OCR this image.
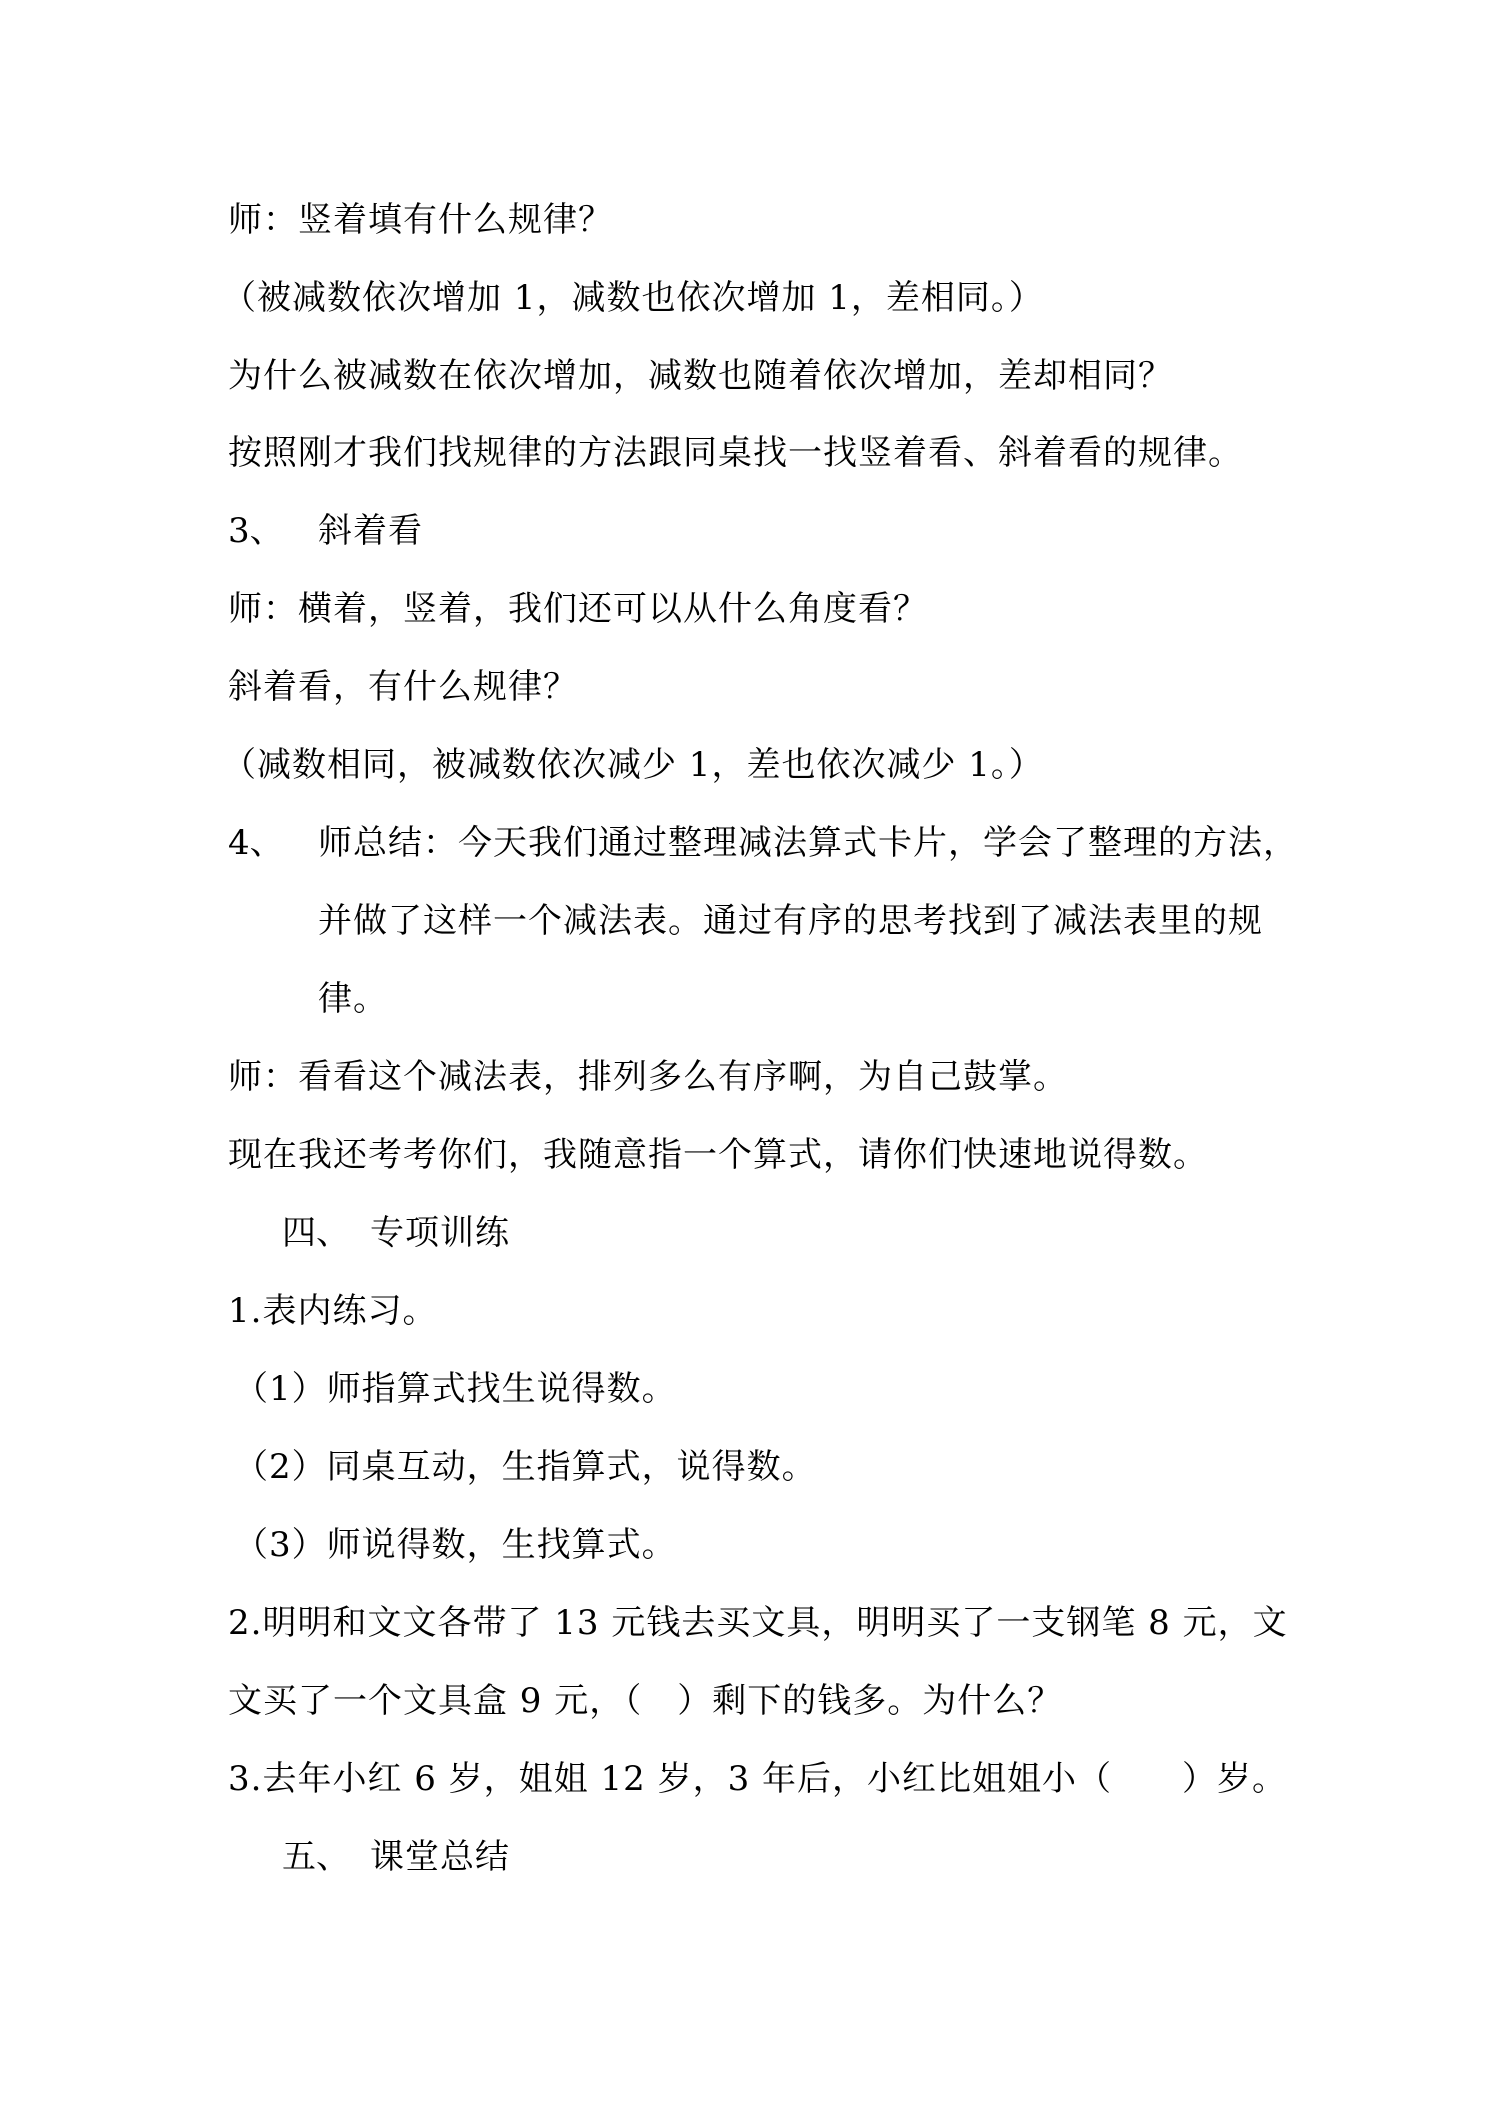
师：竖着填有什么规律？
（被减数依次增加 1，减数也依次增加 1，差相同。）
为什么被减数在依次增加，减数也随着依次增加，差却相同？
按照刚才我们找规律的方法跟同桌找一找竖着看、斜着看的规律。
3、 斜着看
师：横着，竖着，我们还可以从什么角度看？
斜着看，有什么规律？
（减数相同，被减数依次减少 1，差也依次减少 1。）
4、 师总结：今天我们通过整理减法算式卡片，学会了整理的方法，
并做了这样一个减法表。通过有序的思考找到了减法表里的规
律。
师：看看这个减法表，排列多么有序啊，为自己鼓掌。
现在我还考考你们，我随意指一个算式，请你们快速地说得数。
四、 专项训练
1.表内练习。
（1）师指算式找生说得数。
（2）同桌互动，生指算式，说得数。
（3）师说得数，生找算式。
2.明明和文文各带了 13 元钱去买文具，明明买了一支钢笔 8 元，文
文买了一个文具盒 9 元，（　）剩下的钱多。为什么？
3.去年小红 6 岁，姐姐 12 岁，3 年后，小红比姐姐小（　　）岁。
五、 课堂总结
